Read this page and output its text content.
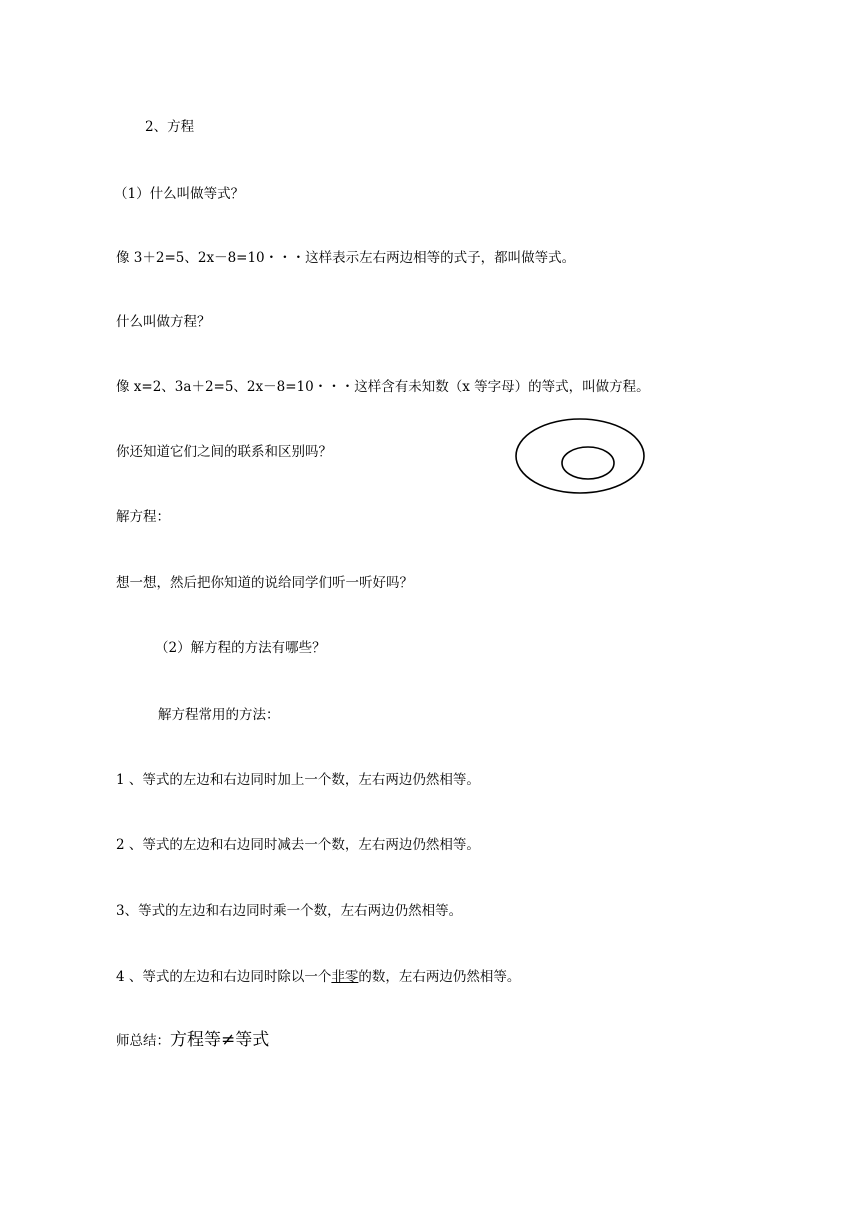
2、方程
（1）什么叫做等式？
像 3＋2=5、2x－8=10・・・这样表示左右两边相等的式子，都叫做等式。
什么叫做方程？
像 x=2、3a＋2=5、2x－8=10・・・这样含有未知数（x 等字母）的等式，叫做方程。
你还知道它们之间的联系和区别吗？
解方程：
想一想，然后把你知道的说给同学们听一听好吗？
（2）解方程的方法有哪些？
解方程常用的方法：
1 、等式的左边和右边同时加上一个数，左右两边仍然相等。
2 、等式的左边和右边同时减去一个数，左右两边仍然相等。
3、等式的左边和右边同时乘一个数，左右两边仍然相等。
4 、等式的左边和右边同时除以一个非零的数，左右两边仍然相等。
师总结：方程等≠等式
